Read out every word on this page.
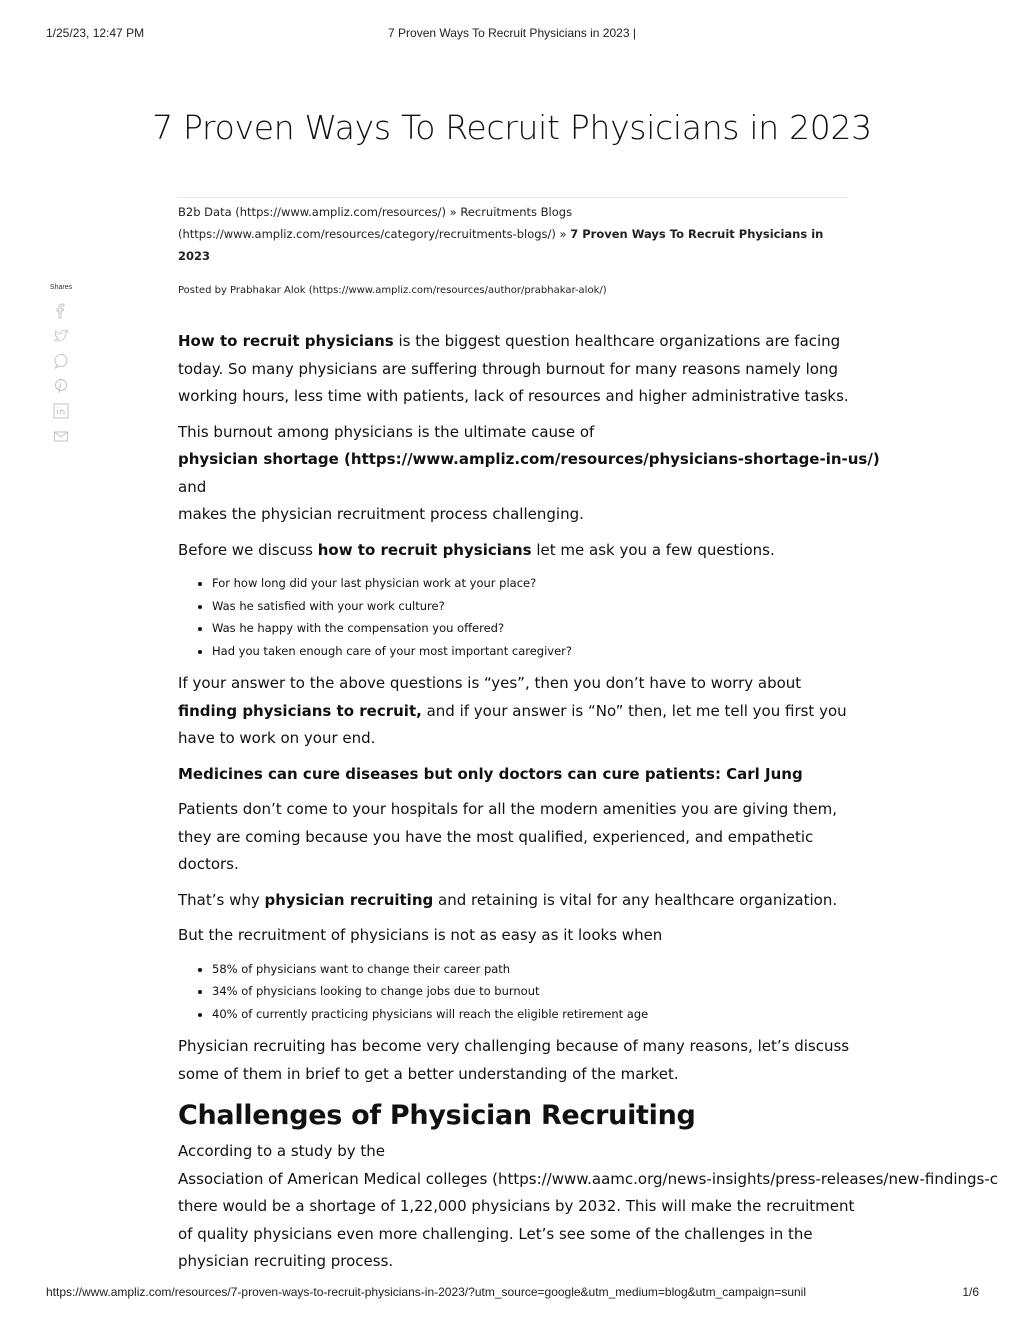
1/25/23, 12:47 PM	7 Proven Ways To Recruit Physicians in 2023 |
7 Proven Ways To Recruit Physicians in 2023
B2b Data (https://www.ampliz.com/resources/) » Recruitments Blogs
(https://www.ampliz.com/resources/category/recruitments-blogs/) » 7 Proven Ways To Recruit Physicians in 2023
Posted by Prabhakar Alok (https://www.ampliz.com/resources/author/prabhakar-alok/)
Shares

How to recruit physicians is the biggest question healthcare organizations are facing today. So many physicians are suffering through burnout for many reasons namely long working hours, less time with patients, lack of resources and higher administrative tasks.

This burnout among physicians is the ultimate cause of
physician shortage (https://www.ampliz.com/resources/physicians-shortage-in-us/) and
makes the physician recruitment process challenging.

Before we discuss how to recruit physicians let me ask you a few questions.

• For how long did your last physician work at your place?
• Was he satisfied with your work culture?
• Was he happy with the compensation you offered?
• Had you taken enough care of your most important caregiver?

If your answer to the above questions is “yes”, then you don’t have to worry about finding physicians to recruit, and if your answer is “No” then, let me tell you first you have to work on your end.

Medicines can cure diseases but only doctors can cure patients: Carl Jung

Patients don’t come to your hospitals for all the modern amenities you are giving them, they are coming because you have the most qualified, experienced, and empathetic doctors.

That’s why physician recruiting and retaining is vital for any healthcare organization.

But the recruitment of physicians is not as easy as it looks when

• 58% of physicians want to change their career path
• 34% of physicians looking to change jobs due to burnout
• 40% of currently practicing physicians will reach the eligible retirement age

Physician recruiting has become very challenging because of many reasons, let’s discuss some of them in brief to get a better understanding of the market.

Challenges of Physician Recruiting

According to a study by the
Association of American Medical colleges (https://www.aamc.org/news-insights/press-releases/new-findings-c
there would be a shortage of 1,22,000 physicians by 2032. This will make the recruitment of quality physicians even more challenging. Let’s see some of the challenges in the physician recruiting process.

https://www.ampliz.com/resources/7-proven-ways-to-recruit-physicians-in-2023/?utm_source=google&utm_medium=blog&utm_campaign=sunil	1/6
